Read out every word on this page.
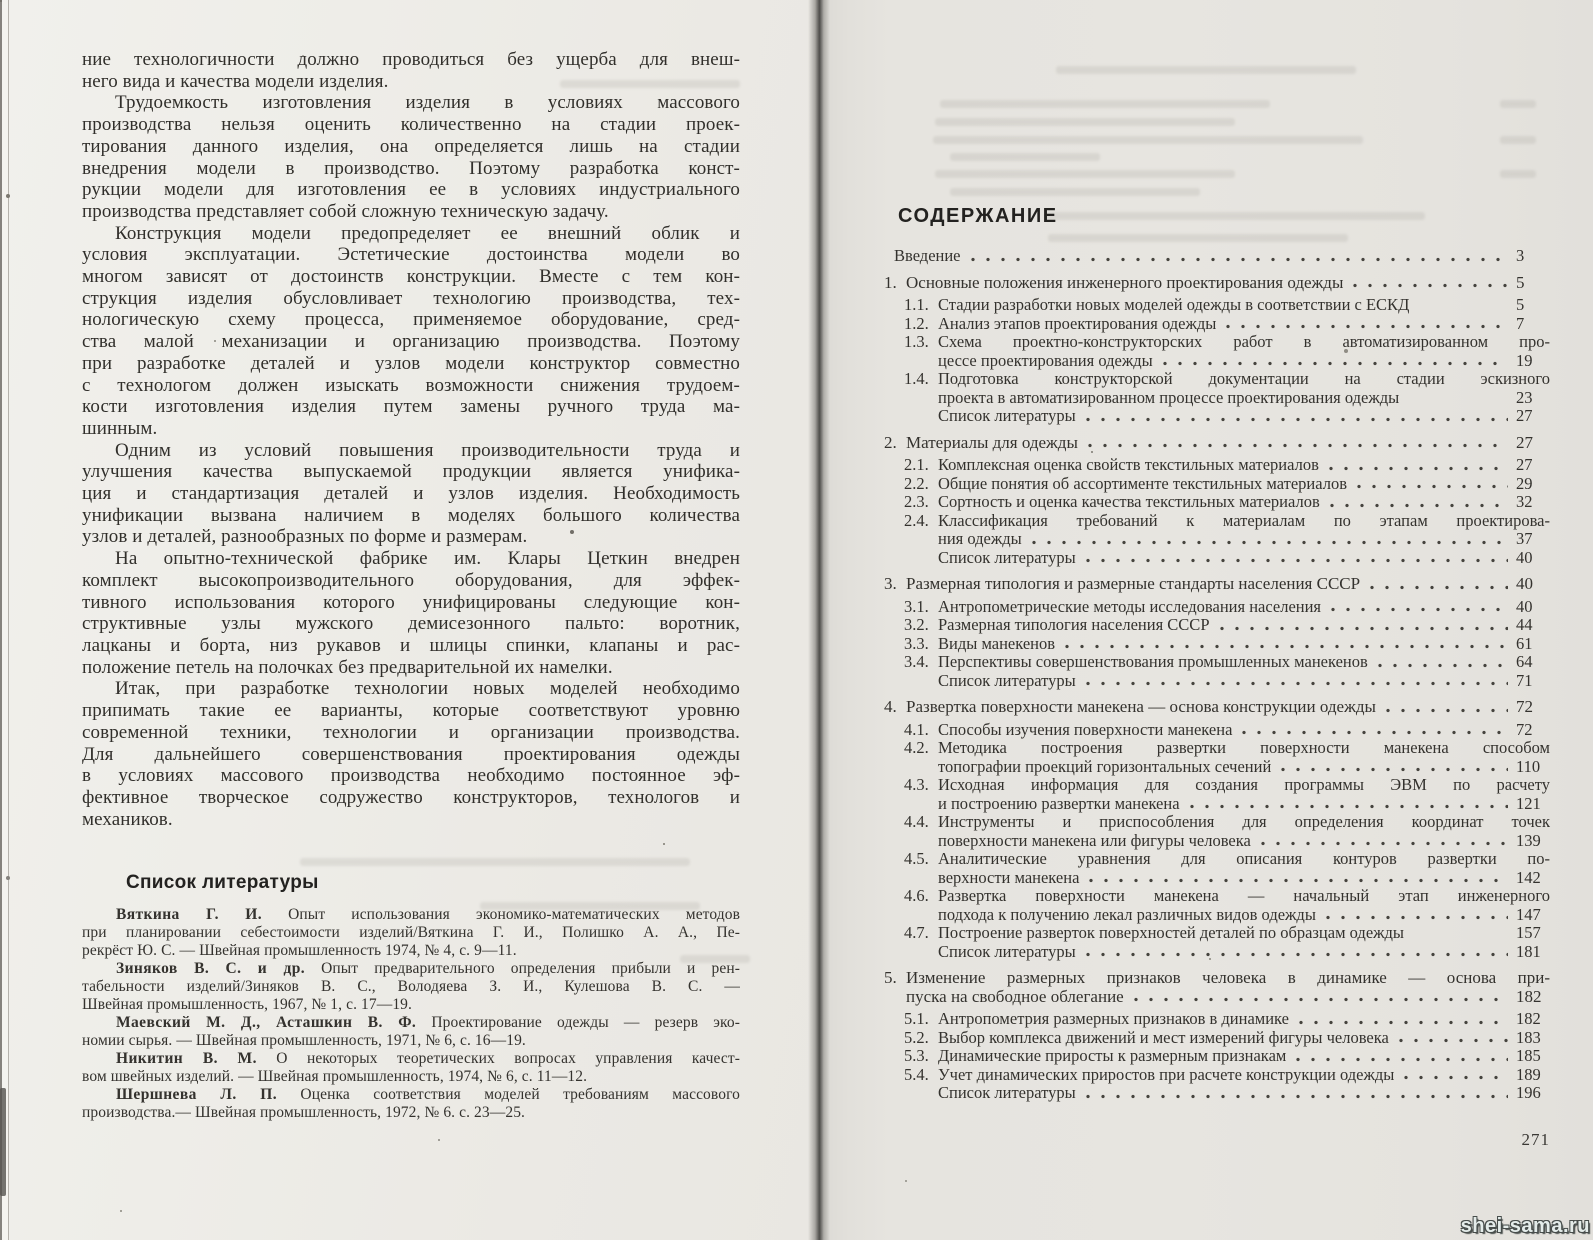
ние технологичности должно проводиться без ущерба для внеш-
него вида и качества модели изделия.
Трудоемкость изготовления изделия в условиях массового
производства нельзя оценить количественно на стадии проек-
тирования данного изделия, она определяется лишь на стадии
внедрения модели в производство. Поэтому разработка конст-
рукции модели для изготовления ее в условиях индустриального
производства представляет собой сложную техническую задачу.
Конструкция модели предопределяет ее внешний облик и
условия эксплуатации. Эстетические достоинства модели во
многом зависят от достоинств конструкции. Вместе с тем кон-
струкция изделия обусловливает технологию производства, тех-
нологическую схему процесса, применяемое оборудование, сред-
ства малой механизации и организацию производства. Поэтому
при разработке деталей и узлов модели конструктор совместно
с технологом должен изыскать возможности снижения трудоем-
кости изготовления изделия путем замены ручного труда ма-
шинным.
Одним из условий повышения производительности труда и
улучшения качества выпускаемой продукции является унифика-
ция и стандартизация деталей и узлов изделия. Необходимость
унификации вызвана наличием в моделях большого количества
узлов и деталей, разнообразных по форме и размерам.
На опытно-технической фабрике им. Клары Цеткин внедрен
комплект высокопроизводительного оборудования, для эффек-
тивного использования которого унифицированы следующие кон-
структивные узлы мужского демисезонного пальто: воротник,
лацканы и борта, низ рукавов и шлицы спинки, клапаны и рас-
положение петель на полочках без предварительной их намелки.
Итак, при разработке технологии новых моделей необходимо
припимать такие ее варианты, которые соответствуют уровню
современной техники, технологии и организации производства.
Для дальнейшего совершенствования проектирования одежды
в условиях массового производства необходимо постоянное эф-
фективное творческое содружество конструкторов, технологов и
механиков.
Список литературы
Вяткина Г. И. Опыт использования экономико-математических методов
при планировании себестоимости изделий/Вяткина Г. И., Полишко А. А., Пе-
рекрёст Ю. С. — Швейная промышленность 1974, № 4, с. 9—11.
Зиняков В. С. и др. Опыт предварительного определения прибыли и рен-
табельности изделий/Зиняков В. С., Володяева З. И., Кулешова В. С. —
Швейная промышленность, 1967, № 1, с. 17—19.
Маевский М. Д., Асташкин В. Ф. Проектирование одежды — резерв эко-
номии сырья. — Швейная промышленность, 1971, № 6, с. 16—19.
Никитин В. М. О некоторых теоретических вопросах управления качест-
вом швейных изделий. — Швейная промышленность, 1974, № 6, с. 11—12.
Шершнева Л. П. Оценка соответствия моделей требованиям массового
производства.— Швейная промышленность, 1972, № 6. с. 23—25.
СОДЕРЖАНИЕ
Введение	3
1. Основные положения инженерного проектирования одежды	5
1.1. Стадии разработки новых моделей одежды в соответствии с ЕСКД	5
1.2. Анализ этапов проектирования одежды	7
1.3. Схема проектно-конструкторских работ в автоматизированном про-
цессе проектирования одежды	19
1.4. Подготовка конструкторской документации на стадии эскизного
проекта в автоматизированном процессе проектирования одежды	23
Список литературы	27
2. Материалы для одежды	27
2.1. Комплексная оценка свойств текстильных материалов	27
2.2. Общие понятия об ассортименте текстильных материалов	29
2.3. Сортность и оценка качества текстильных материалов	32
2.4. Классификация требований к материалам по этапам проектирова-
ния одежды	37
Список литературы	40
3. Размерная типология и размерные стандарты населения СССР	40
3.1. Антропометрические методы исследования населения	40
3.2. Размерная типология населения СССР	44
3.3. Виды манекенов	61
3.4. Перспективы совершенствования промышленных манекенов	64
Список литературы	71
4. Развертка поверхности манекена — основа конструкции одежды	72
4.1. Способы изучения поверхности манекена	72
4.2. Методика построения развертки поверхности манекена способом
топографии проекций горизонтальных сечений	110
4.3. Исходная информация для создания программы ЭВМ по расчету
и построению развертки манекена	121
4.4. Инструменты и приспособления для определения координат точек
поверхности манекена или фигуры человека	139
4.5. Аналитические уравнения для описания контуров развертки по-
верхности манекена	142
4.6. Развертка поверхности манекена — начальный этап инженерного
подхода к получению лекал различных видов одежды	147
4.7. Построение разверток поверхностей деталей по образцам одежды	157
Список литературы	181
5. Изменение размерных признаков человека в динамике — основа при-
пуска на свободное облегание	182
5.1. Антропометрия размерных признаков в динамике	182
5.2. Выбор комплекса движений и мест измерений фигуры человека	183
5.3. Динамические приросты к размерным признакам	185
5.4. Учет динамических приростов при расчете конструкции одежды	189
Список литературы	196
271
shei-sama.ru
